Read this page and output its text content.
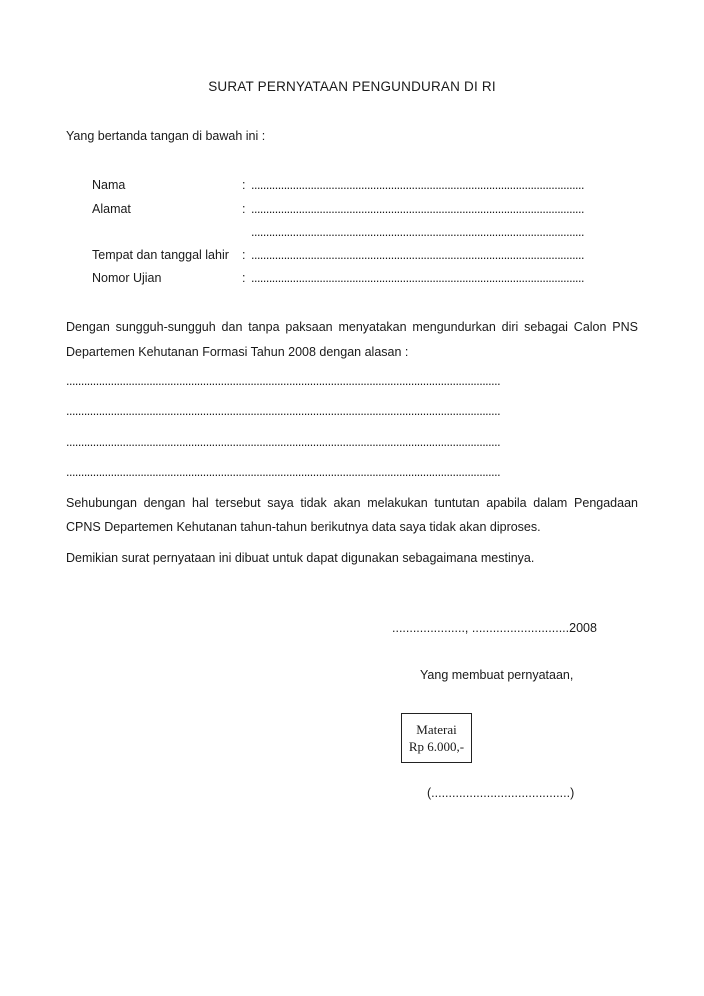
SURAT PERNYATAAN PENGUNDURAN DI RI
Yang bertanda tangan di bawah ini :
Nama	: ................................................................................................................
Alamat	: ................................................................................................................
................................................................................................................
Tempat dan tanggal lahir : ................................................................................................................
Nomor Ujian	: ................................................................................................................
Dengan sungguh-sungguh dan tanpa paksaan menyatakan mengundurkan diri sebagai Calon PNS
Departemen Kehutanan Formasi Tahun 2008 dengan alasan :
..................................................................................................................................................
..................................................................................................................................................
..................................................................................................................................................
..................................................................................................................................................
Sehubungan dengan hal tersebut saya tidak akan melakukan tuntutan apabila dalam Pengadaan
CPNS Departemen Kehutanan tahun-tahun berikutnya data saya tidak akan diproses.
Demikian surat pernyataan ini dibuat untuk dapat digunakan sebagaimana mestinya.
....................., ............................2008
Yang membuat pernyataan,
Materai
Rp 6.000,-
(........................................)
